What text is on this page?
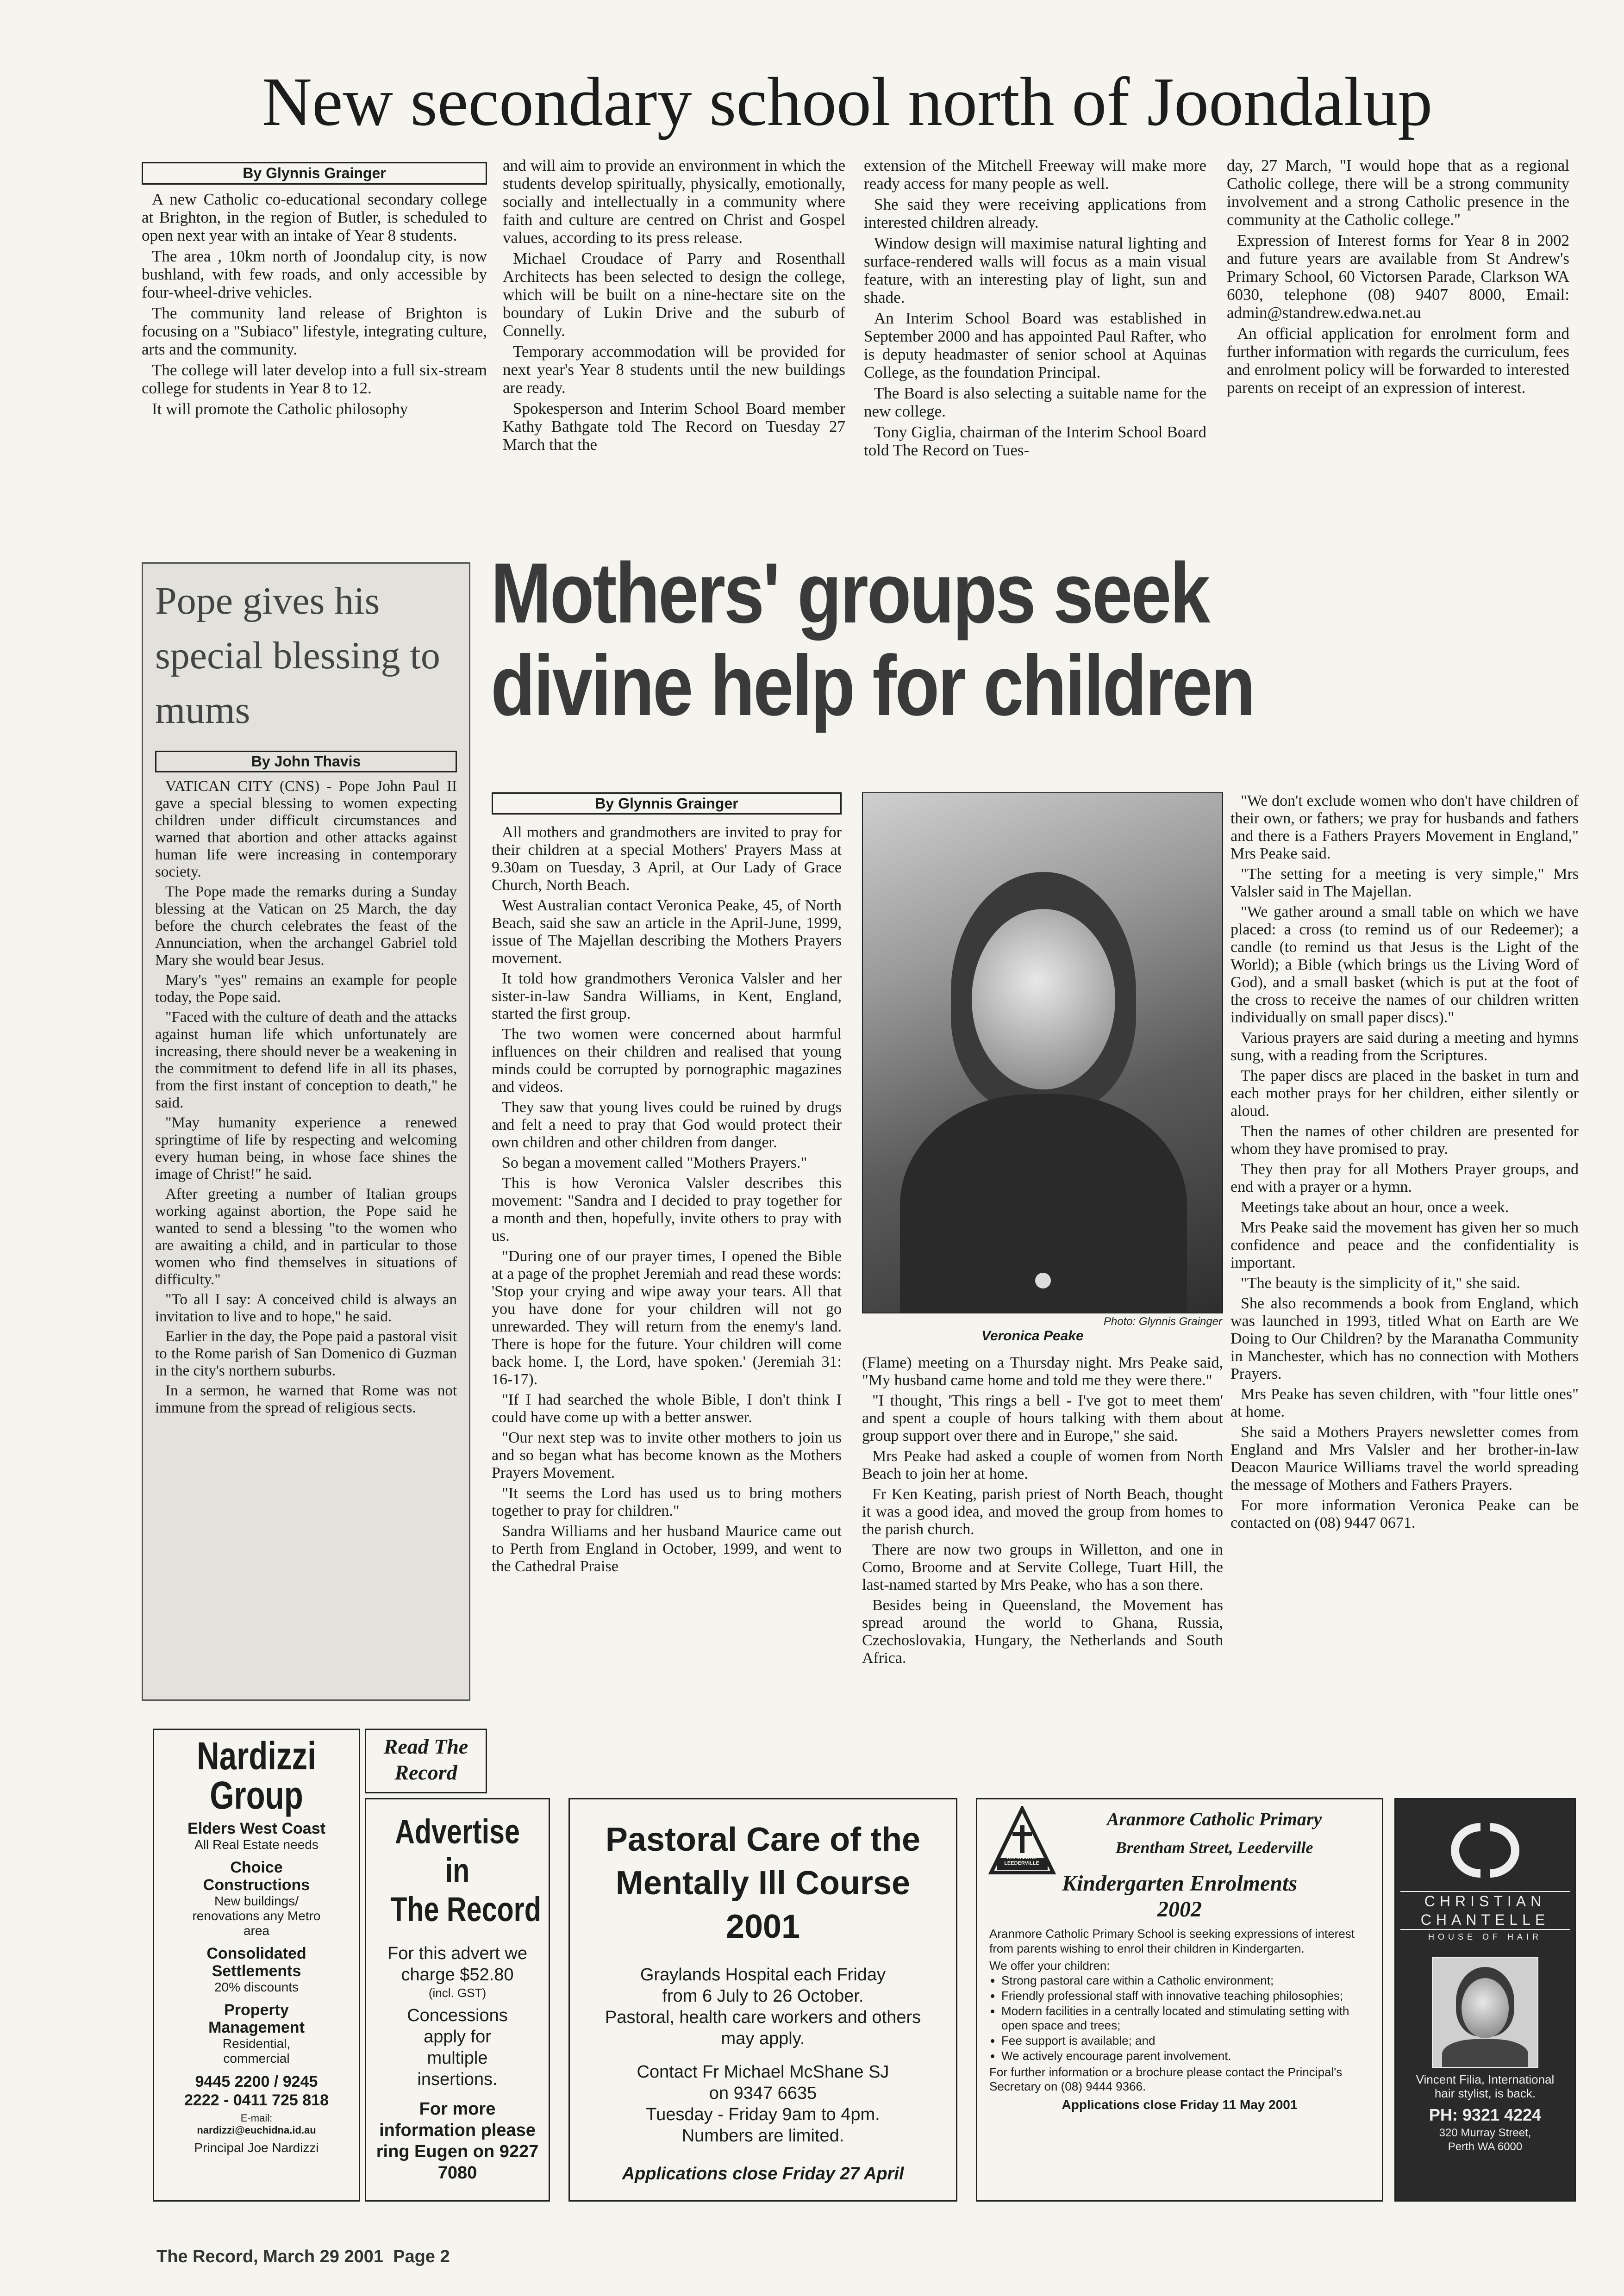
New secondary school north of Joondalup
By Glynnis Grainger

A new Catholic co-educational secondary college at Brighton, in the region of Butler, is scheduled to open next year with an intake of Year 8 students.

The area , 10km north of Joondalup city, is now bushland, with few roads, and only accessible by four-wheel-drive vehicles.

The community land release of Brighton is focusing on a "Subiaco" lifestyle, integrating culture, arts and the community.

The college will later develop into a full six-stream college for students in Year 8 to 12.

It will promote the Catholic philosophy

and will aim to provide an environment in which the students develop spiritually, physically, emotionally, socially and intellectually in a community where faith and culture are centred on Christ and Gospel values, according to its press release.

Michael Croudace of Parry and Rosenthall Architects has been selected to design the college, which will be built on a nine-hectare site on the boundary of Lukin Drive and the suburb of Connelly.

Temporary accommodation will be provided for next year's Year 8 students until the new buildings are ready.

Spokesperson and Interim School Board member Kathy Bathgate told The Record on Tuesday 27 March that the

extension of the Mitchell Freeway will make more ready access for many people as well.

She said they were receiving applications from interested children already.

Window design will maximise natural lighting and surface-rendered walls will focus as a main visual feature, with an interesting play of light, sun and shade.

An Interim School Board was established in September 2000 and has appointed Paul Rafter, who is deputy headmaster of senior school at Aquinas College, as the foundation Principal.

The Board is also selecting a suitable name for the new college.

Tony Giglia, chairman of the Interim School Board told The Record on Tues-

day, 27 March, "I would hope that as a regional Catholic college, there will be a strong community involvement and a strong Catholic presence in the community at the Catholic college."

Expression of Interest forms for Year 8 in 2002 and future years are available from St Andrew's Primary School, 60 Victorsen Parade, Clarkson WA 6030, telephone (08) 9407 8000, Email: admin@standrew.edwa.net.au

An official application for enrolment form and further information with regards the curriculum, fees and enrolment policy will be forwarded to interested parents on receipt of an expression of interest.

Pope gives his special blessing to mums
By John Thavis

VATICAN CITY (CNS) - Pope John Paul II gave a special blessing to women expecting children under difficult circumstances and warned that abortion and other attacks against human life were increasing in contemporary society.

The Pope made the remarks during a Sunday blessing at the Vatican on 25 March, the day before the church celebrates the feast of the Annunciation, when the archangel Gabriel told Mary she would bear Jesus.

Mary's "yes" remains an example for people today, the Pope said.

"Faced with the culture of death and the attacks against human life which unfortunately are increasing, there should never be a weakening in the commitment to defend life in all its phases, from the first instant of conception to death," he said.

"May humanity experience a renewed springtime of life by respecting and welcoming every human being, in whose face shines the image of Christ!" he said.

After greeting a number of Italian groups working against abortion, the Pope said he wanted to send a blessing "to the women who are awaiting a child, and in particular to those women who find themselves in situations of difficulty."

"To all I say: A conceived child is always an invitation to live and to hope," he said.

Earlier in the day, the Pope paid a pastoral visit to the Rome parish of San Domenico di Guzman in the city's northern suburbs.

In a sermon, he warned that Rome was not immune from the spread of religious sects.

Mothers' groups seek
divine help for children
By Glynnis Grainger

All mothers and grandmothers are invited to pray for their children at a special Mothers' Prayers Mass at 9.30am on Tuesday, 3 April, at Our Lady of Grace Church, North Beach.

West Australian contact Veronica Peake, 45, of North Beach, said she saw an article in the April-June, 1999, issue of The Majellan describing the Mothers Prayers movement.

It told how grandmothers Veronica Valsler and her sister-in-law Sandra Williams, in Kent, England, started the first group.

The two women were concerned about harmful influences on their children and realised that young minds could be corrupted by pornographic magazines and videos.

They saw that young lives could be ruined by drugs and felt a need to pray that God would protect their own children and other children from danger.

So began a movement called "Mothers Prayers."

This is how Veronica Valsler describes this movement: "Sandra and I decided to pray together for a month and then, hopefully, invite others to pray with us.

"During one of our prayer times, I opened the Bible at a page of the prophet Jeremiah and read these words: 'Stop your crying and wipe away your tears. All that you have done for your children will not go unrewarded. They will return from the enemy's land. There is hope for the future. Your children will come back home. I, the Lord, have spoken.' (Jeremiah 31: 16-17).

"If I had searched the whole Bible, I don't think I could have come up with a better answer.

"Our next step was to invite other mothers to join us and so began what has become known as the Mothers Prayers Movement.

"It seems the Lord has used us to bring mothers together to pray for children."

Sandra Williams and her husband Maurice came out to Perth from England in October, 1999, and went to the Cathedral Praise

Photo: Glynnis Grainger
Veronica Peake

(Flame) meeting on a Thursday night. Mrs Peake said, "My husband came home and told me they were there."

"I thought, 'This rings a bell - I've got to meet them' and spent a couple of hours talking with them about group support over there and in Europe," she said.

Mrs Peake had asked a couple of women from North Beach to join her at home.

Fr Ken Keating, parish priest of North Beach, thought it was a good idea, and moved the group from homes to the parish church.

There are now two groups in Willetton, and one in Como, Broome and at Servite College, Tuart Hill, the last-named started by Mrs Peake, who has a son there.

Besides being in Queensland, the Movement has spread around the world to Ghana, Russia, Czechoslovakia, Hungary, the Netherlands and South Africa.

"We don't exclude women who don't have children of their own, or fathers; we pray for husbands and fathers and there is a Fathers Prayers Movement in England," Mrs Peake said.

"The setting for a meeting is very simple," Mrs Valsler said in The Majellan.

"We gather around a small table on which we have placed: a cross (to remind us of our Redeemer); a candle (to remind us that Jesus is the Light of the World); a Bible (which brings us the Living Word of God), and a small basket (which is put at the foot of the cross to receive the names of our children written individually on small paper discs)."

Various prayers are said during a meeting and hymns sung, with a reading from the Scriptures.

The paper discs are placed in the basket in turn and each mother prays for her children, either silently or aloud.

Then the names of other children are presented for whom they have promised to pray.

They then pray for all Mothers Prayer groups, and end with a prayer or a hymn.

Meetings take about an hour, once a week.

Mrs Peake said the movement has given her so much confidence and peace and the confidentiality is important.

"The beauty is the simplicity of it," she said.

She also recommends a book from England, which was launched in 1993, titled What on Earth are We Doing to Our Children? by the Maranatha Community in Manchester, which has no connection with Mothers Prayers.

Mrs Peake has seven children, with "four little ones" at home.

She said a Mothers Prayers newsletter comes from England and Mrs Valsler and her brother-in-law Deacon Maurice Williams travel the world spreading the message of Mothers and Fathers Prayers.

For more information Veronica Peake can be contacted on (08) 9447 0671.

Nardizzi
Group
Elders West Coast
All Real Estate needs
Choice Constructions
New buildings/ renovations any Metro area
Consolidated Settlements
20% discounts
Property Management
Residential, commercial
9445 2200 / 9245 2222 - 0411 725 818
E-mail:
nardizzi@euchidna.id.au
Principal Joe Nardizzi
Read The Record
Advertise
in
The Record
For this advert we charge $52.80
(incl. GST)
Concessions apply for multiple insertions.
For more information please ring Eugen on 9227 7080
Pastoral Care of the Mentally Ill Course 2001
Graylands Hospital each Friday from 6 July to 26 October.
Pastoral, health care workers and others may apply.
Contact Fr Michael McShane SJ on 9347 6635
Tuesday - Friday 9am to 4pm.
Numbers are limited.
Applications close Friday 27 April
ARANMORE LEEDERVILLE
Aranmore Catholic Primary
Brentham Street, Leederville
Kindergarten Enrolments
2002
Aranmore Catholic Primary School is seeking expressions of interest from parents wishing to enrol their children in Kindergarten.
We offer your children:
• Strong pastoral care within a Catholic environment;
• Friendly professional staff with innovative teaching philosophies;
• Modern facilities in a centrally located and stimulating setting with open space and trees;
• Fee support is available; and
• We actively encourage parent involvement.
For further information or a brochure please contact the Principal's Secretary on (08) 9444 9366.
Applications close Friday 11 May 2001
CHRISTIAN
CHANTELLE
HOUSE OF HAIR
Vincent Filia, International hair stylist, is back.
PH: 9321 4224
320 Murray Street,
Perth WA 6000
The Record, March 29 2001  Page 2
